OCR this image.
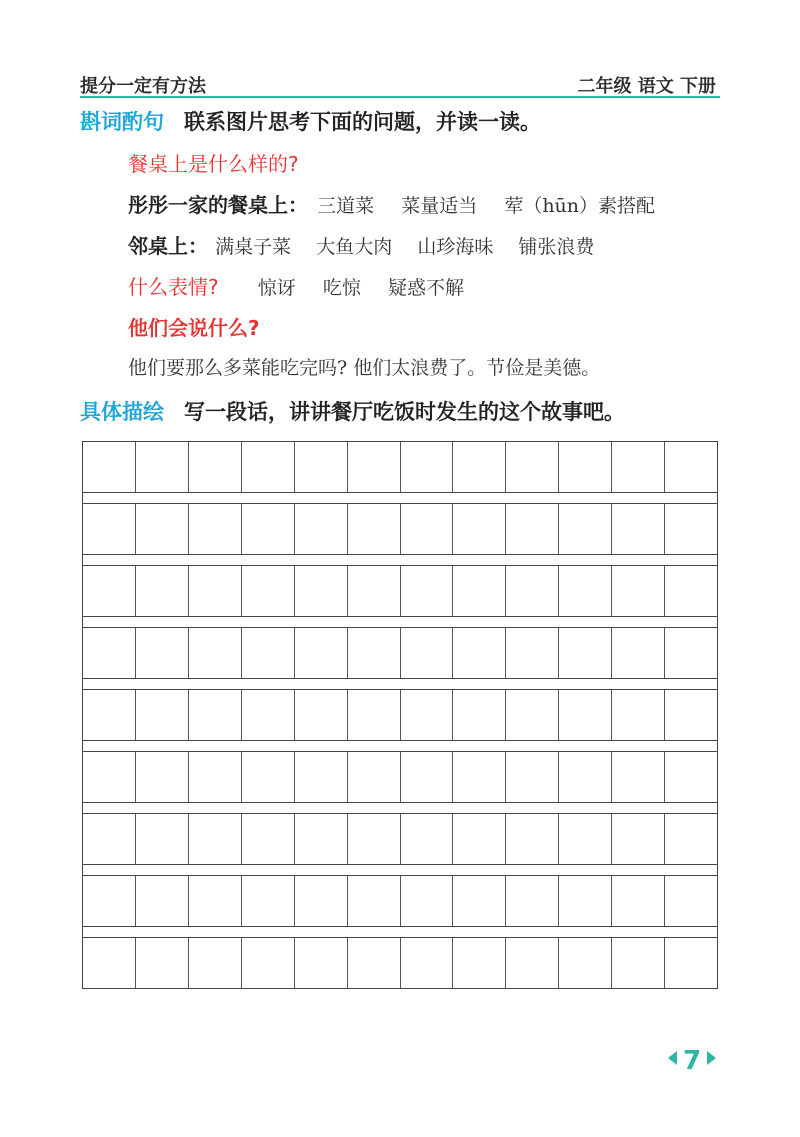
提分一定有方法	二年级 语文 下册
斟词酌句 联系图片思考下面的问题，并读一读。
餐桌上是什么样的?
彤彤一家的餐桌上： 三道菜 菜量适当 荤（hūn）素搭配
邻桌上： 满桌子菜 大鱼大肉 山珍海味 铺张浪费
什么表情? 惊讶 吃惊 疑惑不解
他们会说什么?
他们要那么多菜能吃完吗? 他们太浪费了。节俭是美德。
具体描绘 写一段话，讲讲餐厅吃饭时发生的这个故事吧。
7
